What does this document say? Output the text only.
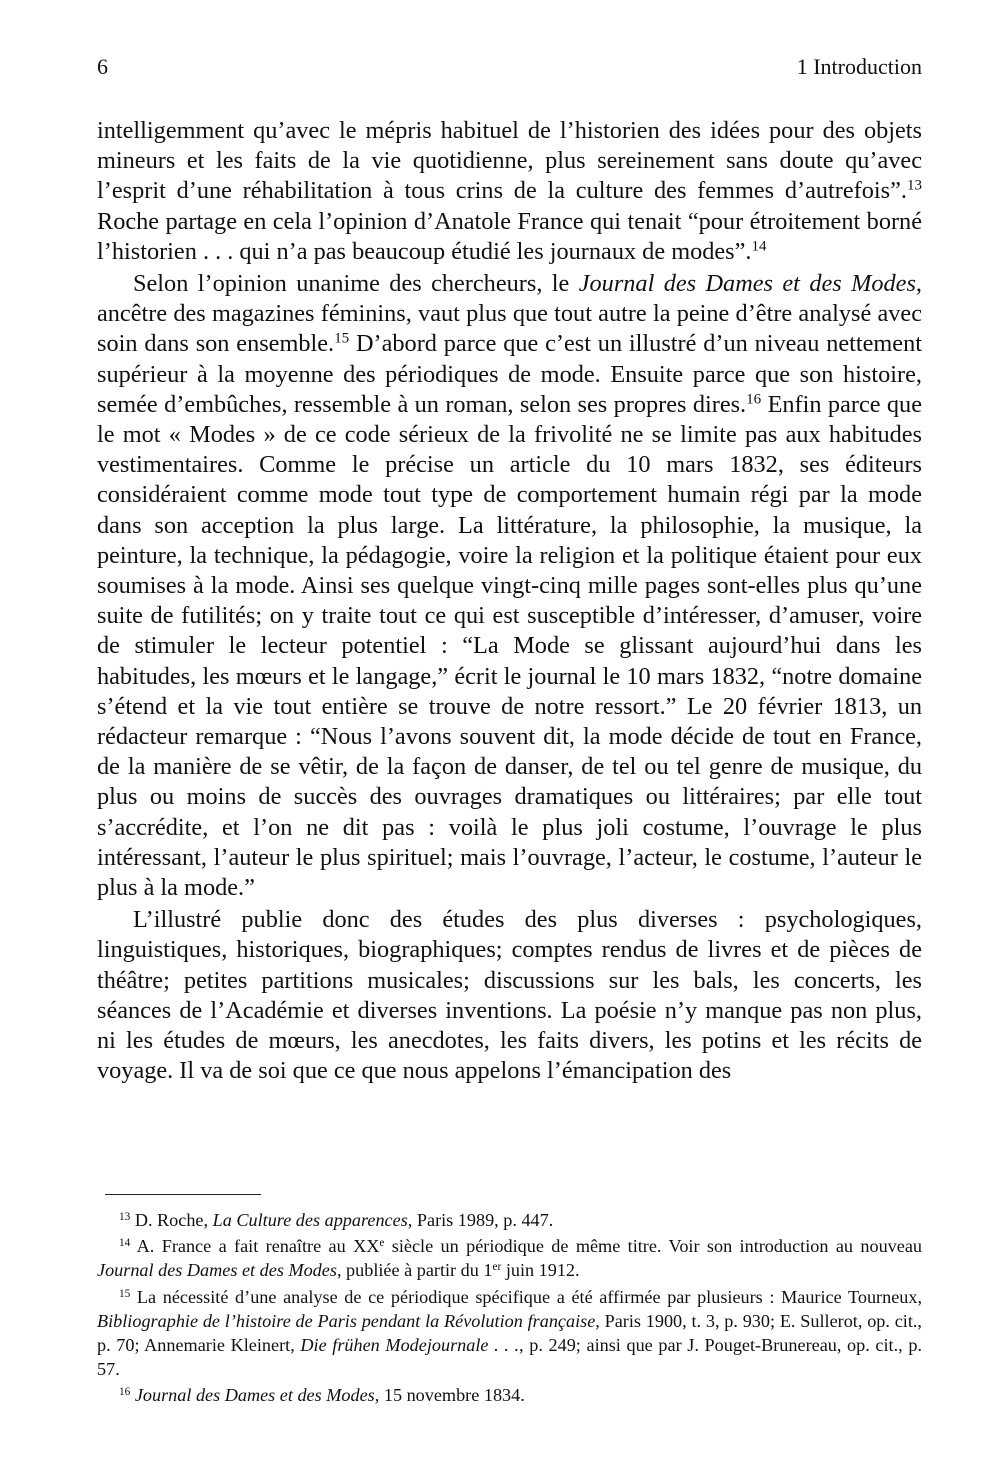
6	1 Introduction

intelligemment qu’avec le mépris habituel de l’historien des idées pour des objets mineurs et les faits de la vie quotidienne, plus sereinement sans doute qu’avec l’esprit d’une réhabilitation à tous crins de la culture des femmes d’autrefois”.$^{13}$ Roche partage en cela l’opinion d’Anatole France qui tenait “pour étroitement borné l’historien . . . qui n’a pas beaucoup étudié les journaux de modes”.$^{14}$

Selon l’opinion unanime des chercheurs, le Journal des Dames et des Modes, ancêtre des magazines féminins, vaut plus que tout autre la peine d’être analysé avec soin dans son ensemble.$^{15}$ D’abord parce que c’est un illustré d’un niveau nettement supérieur à la moyenne des périodiques de mode. Ensuite parce que son histoire, semée d’embûches, ressemble à un roman, selon ses propres dires.$^{16}$ Enfin parce que le mot « Modes » de ce code sérieux de la frivolité ne se limite pas aux habitudes vestimentaires. Comme le précise un article du 10 mars 1832, ses éditeurs considéraient comme mode tout type de comportement humain régi par la mode dans son acception la plus large. La littérature, la philosophie, la musique, la peinture, la technique, la pédagogie, voire la religion et la politique étaient pour eux soumises à la mode. Ainsi ses quelque vingt-cinq mille pages sont-elles plus qu’une suite de futilités; on y traite tout ce qui est susceptible d’intéresser, d’amuser, voire de stimuler le lecteur potentiel : “La Mode se glissant aujourd’hui dans les habitudes, les mœurs et le langage,” écrit le journal le 10 mars 1832, “notre domaine s’étend et la vie tout entière se trouve de notre ressort.” Le 20 février 1813, un rédacteur remarque : “Nous l’avons souvent dit, la mode décide de tout en France, de la manière de se vêtir, de la façon de danser, de tel ou tel genre de musique, du plus ou moins de succès des ouvrages dramatiques ou littéraires; par elle tout s’accrédite, et l’on ne dit pas : voilà le plus joli costume, l’ouvrage le plus intéressant, l’auteur le plus spirituel; mais l’ouvrage, l’acteur, le costume, l’auteur le plus à la mode.”

L’illustré publie donc des études des plus diverses : psychologiques, linguistiques, historiques, biographiques; comptes rendus de livres et de pièces de théâtre; petites partitions musicales; discussions sur les bals, les concerts, les séances de l’Académie et diverses inventions. La poésie n’y manque pas non plus, ni les études de mœurs, les anecdotes, les faits divers, les potins et les récits de voyage. Il va de soi que ce que nous appelons l’émancipation des

$^{13}$ D. Roche, La Culture des apparences, Paris 1989, p. 447.

$^{14}$ A. France a fait renaître au XXe siècle un périodique de même titre. Voir son introduction au nouveau Journal des Dames et des Modes, publiée à partir du 1er juin 1912.

$^{15}$ La nécessité d’une analyse de ce périodique spécifique a été affirmée par plusieurs : Maurice Tourneux, Bibliographie de l’histoire de Paris pendant la Révolution française, Paris 1900, t. 3, p. 930; E. Sullerot, op. cit., p. 70; Annemarie Kleinert, Die frühen Modejournale . . ., p. 249; ainsi que par J. Pouget-Brunereau, op. cit., p. 57.

$^{16}$ Journal des Dames et des Modes, 15 novembre 1834.
